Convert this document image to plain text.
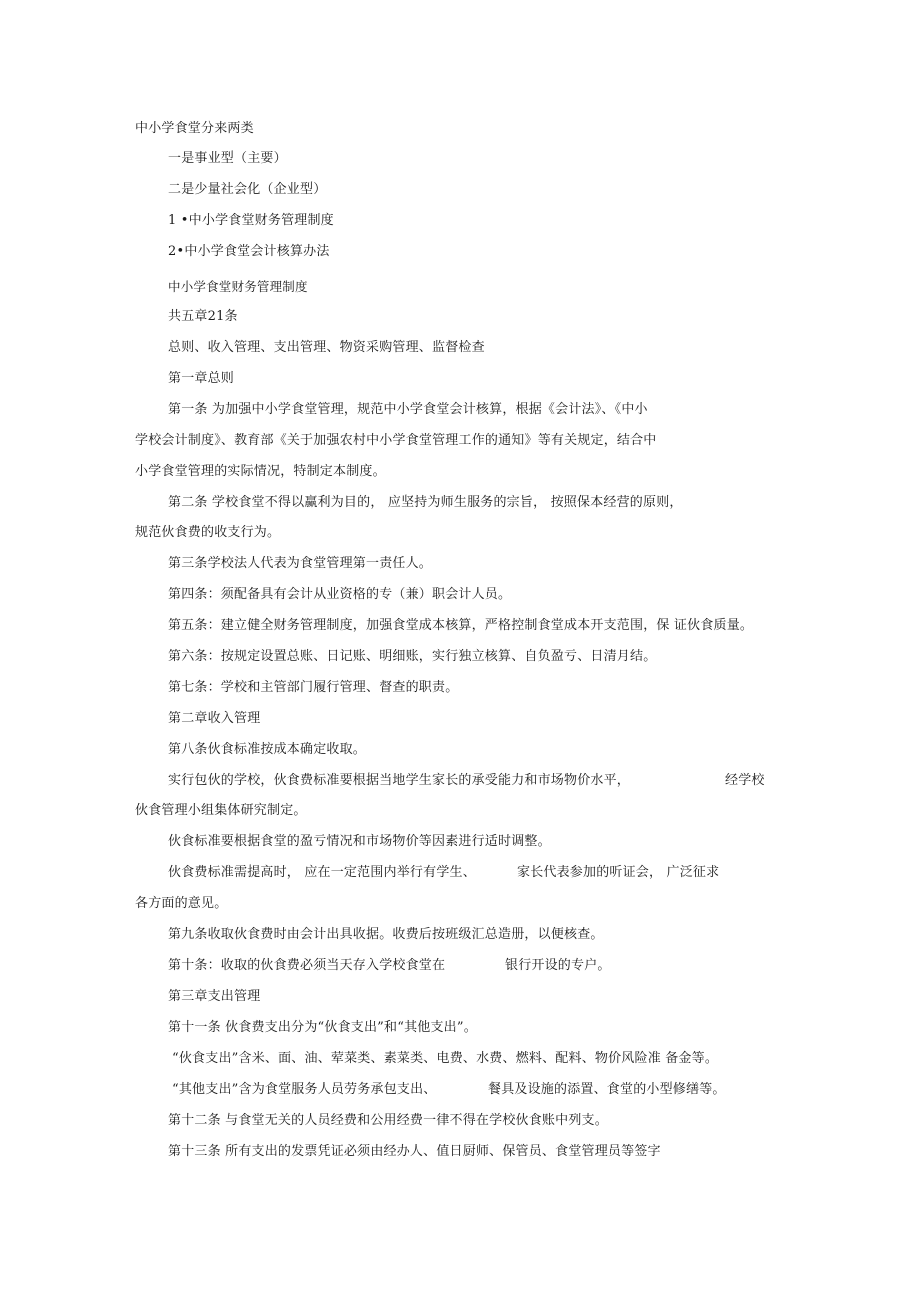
中小学食堂分来两类
一是事业型（主要）
二是少量社会化（企业型）
1 •中小学食堂财务管理制度
2•中小学食堂会计核算办法
中小学食堂财务管理制度
共五章21条
总则、收入管理、支出管理、物资采购管理、监督检查
第一章总则
第一条 为加强中小学食堂管理，规范中小学食堂会计核算，根据《会计法》、《中小
学校会计制度》、教育部《关于加强农村中小学食堂管理工作的通知》等有关规定，结合中
小学食堂管理的实际情况，特制定本制度。
第二条 学校食堂不得以赢利为目的， 应坚持为师生服务的宗旨， 按照保本经营的原则，
规范伙食费的收支行为。
第三条学校法人代表为食堂管理第一责任人。
第四条：须配备具有会计从业资格的专（兼）职会计人员。
第五条：建立健全财务管理制度，加强食堂成本核算，严格控制食堂成本开支范围，保 证伙食质量。
第六条：按规定设置总账、日记账、明细账，实行独立核算、自负盈亏、日清月结。
第七条：学校和主管部门履行管理、督查的职责。
第二章收入管理
第八条伙食标准按成本确定收取。
实行包伙的学校，伙食费标准要根据当地学生家长的承受能力和市场物价水平，	经学校
伙食管理小组集体研究制定。
伙食标准要根据食堂的盈亏情况和市场物价等因素进行适时调整。
伙食费标准需提高时， 应在一定范围内举行有学生、	家长代表参加的听证会， 广泛征求
各方面的意见。
第九条收取伙食费时由会计出具收据。收费后按班级汇总造册，以便核查。
第十条：收取的伙食费必须当天存入学校食堂在	银行开设的专户。
第三章支出管理
第十一条 伙食费支出分为“伙食支出”和“其他支出”。
“伙食支出”含米、面、油、荤菜类、素菜类、电费、水费、燃料、配料、物价风险准 备金等。
“其他支出”含为食堂服务人员劳务承包支出、	餐具及设施的添置、食堂的小型修缮等。
第十二条 与食堂无关的人员经费和公用经费一律不得在学校伙食账中列支。
第十三条 所有支出的发票凭证必须由经办人、值日厨师、保管员、食堂管理员等签字
